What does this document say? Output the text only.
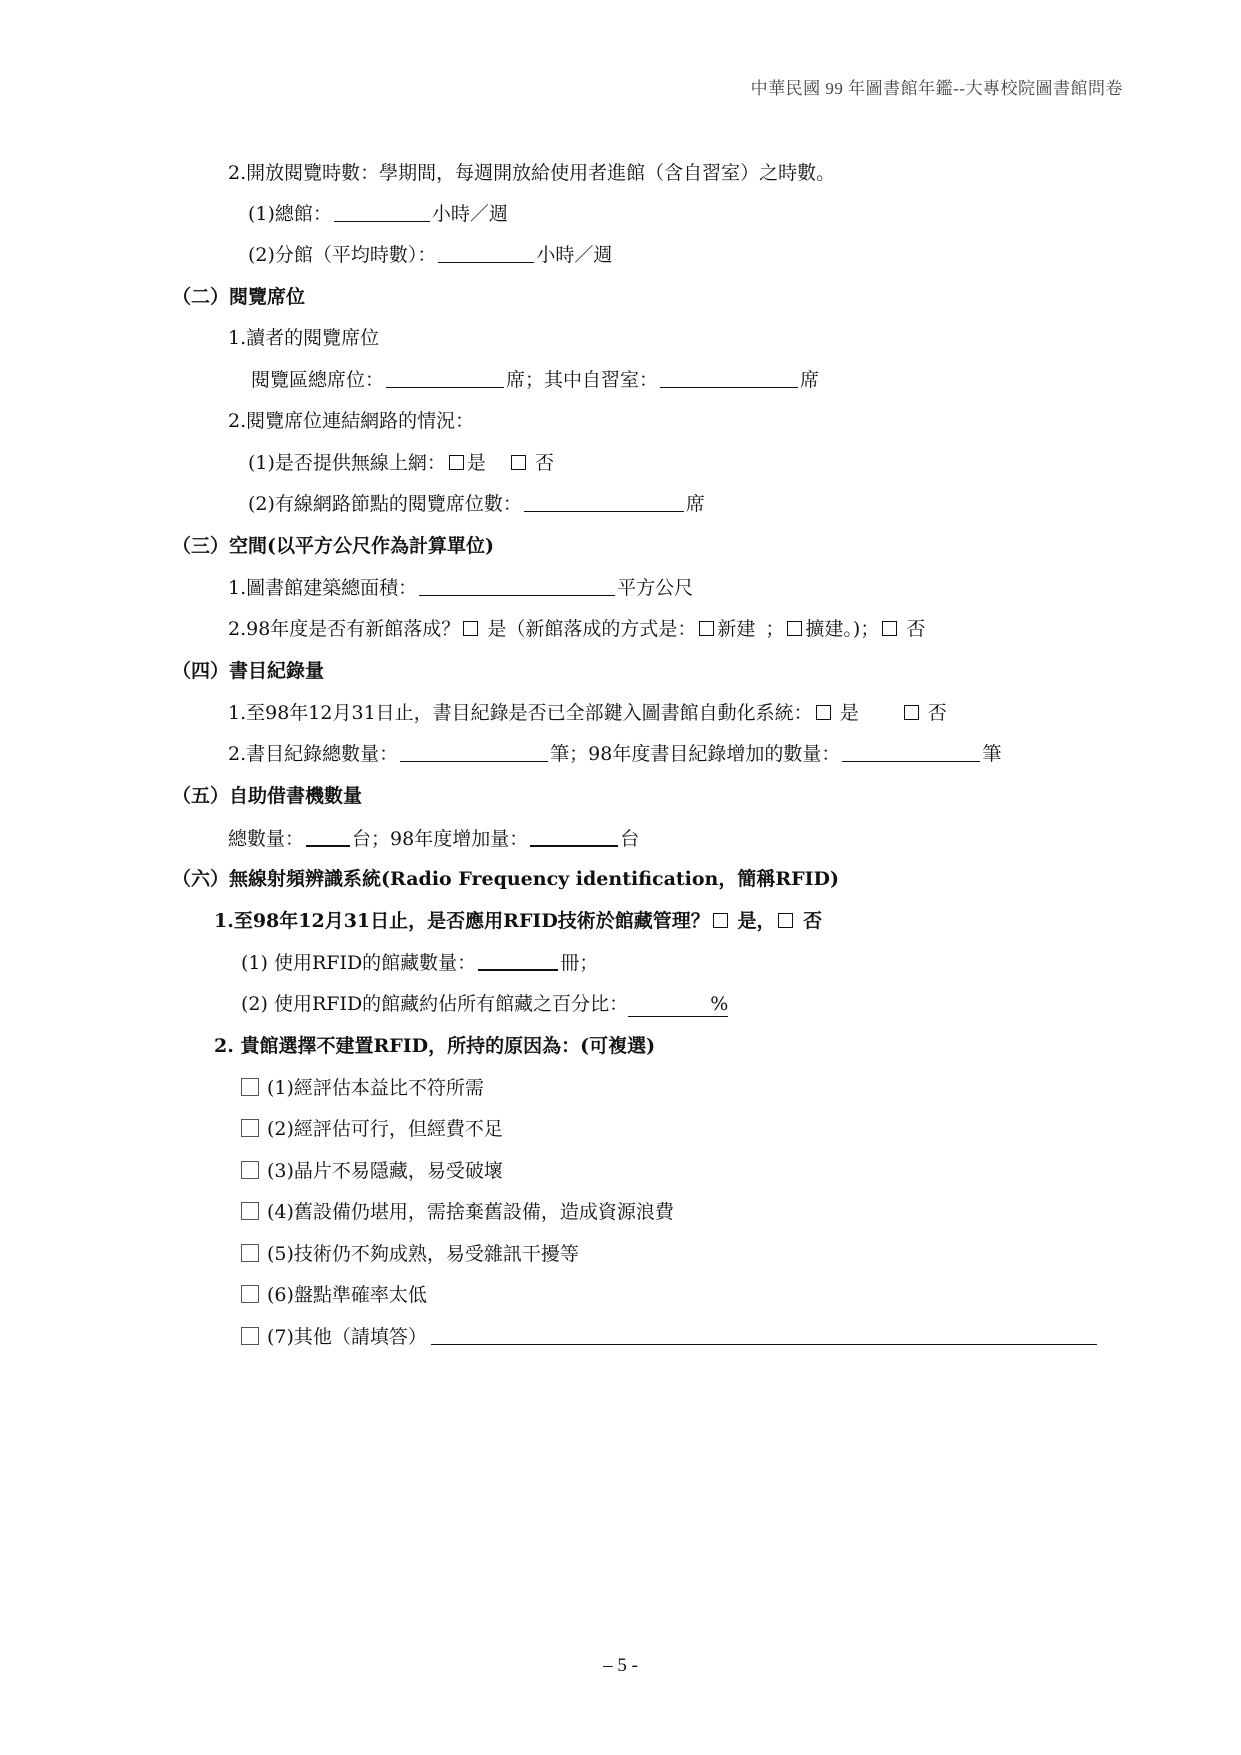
中華民國 99 年圖書館年鑑--大專校院圖書館問卷
2.開放閱覽時數：學期間，每週開放給使用者進館（含自習室）之時數。
(1)總館：	小時／週
(2)分館（平均時數）：	小時／週
（二）閱覽席位
1.讀者的閱覽席位
閱覽區總席位：	席；其中自習室：	席
2.閱覽席位連結網路的情況：
(1)是否提供無線上網： 是	否
(2)有線網路節點的閱覽席位數：	席
（三）空間(以平方公尺作為計算單位)
1.圖書館建築總面積：	平方公尺
2.98年度是否有新館落成？ 是（新館落成的方式是： 新建 ； 擴建。)； 否
（四）書目紀錄量
1.至98年12月31日止，書目紀錄是否已全部鍵入圖書館自動化系統： 是	否
2.書目紀錄總數量：	筆；98年度書目紀錄增加的數量：	筆
（五）自助借書機數量
總數量：	台；98年度增加量：	台
（六）無線射頻辨識系統(Radio Frequency identification，簡稱RFID)
1.至98年12月31日止，是否應用RFID技術於館藏管理？ 是， 否
(1) 使用RFID的館藏數量：	冊；
(2) 使用RFID的館藏約佔所有館藏之百分比：	%
2. 貴館選擇不建置RFID，所持的原因為：(可複選)
(1)經評估本益比不符所需
(2)經評估可行，但經費不足
(3)晶片不易隱藏，易受破壞
(4)舊設備仍堪用，需捨棄舊設備，造成資源浪費
(5)技術仍不夠成熟，易受雜訊干擾等
(6)盤點準確率太低
(7)其他（請填答）
– 5 -
